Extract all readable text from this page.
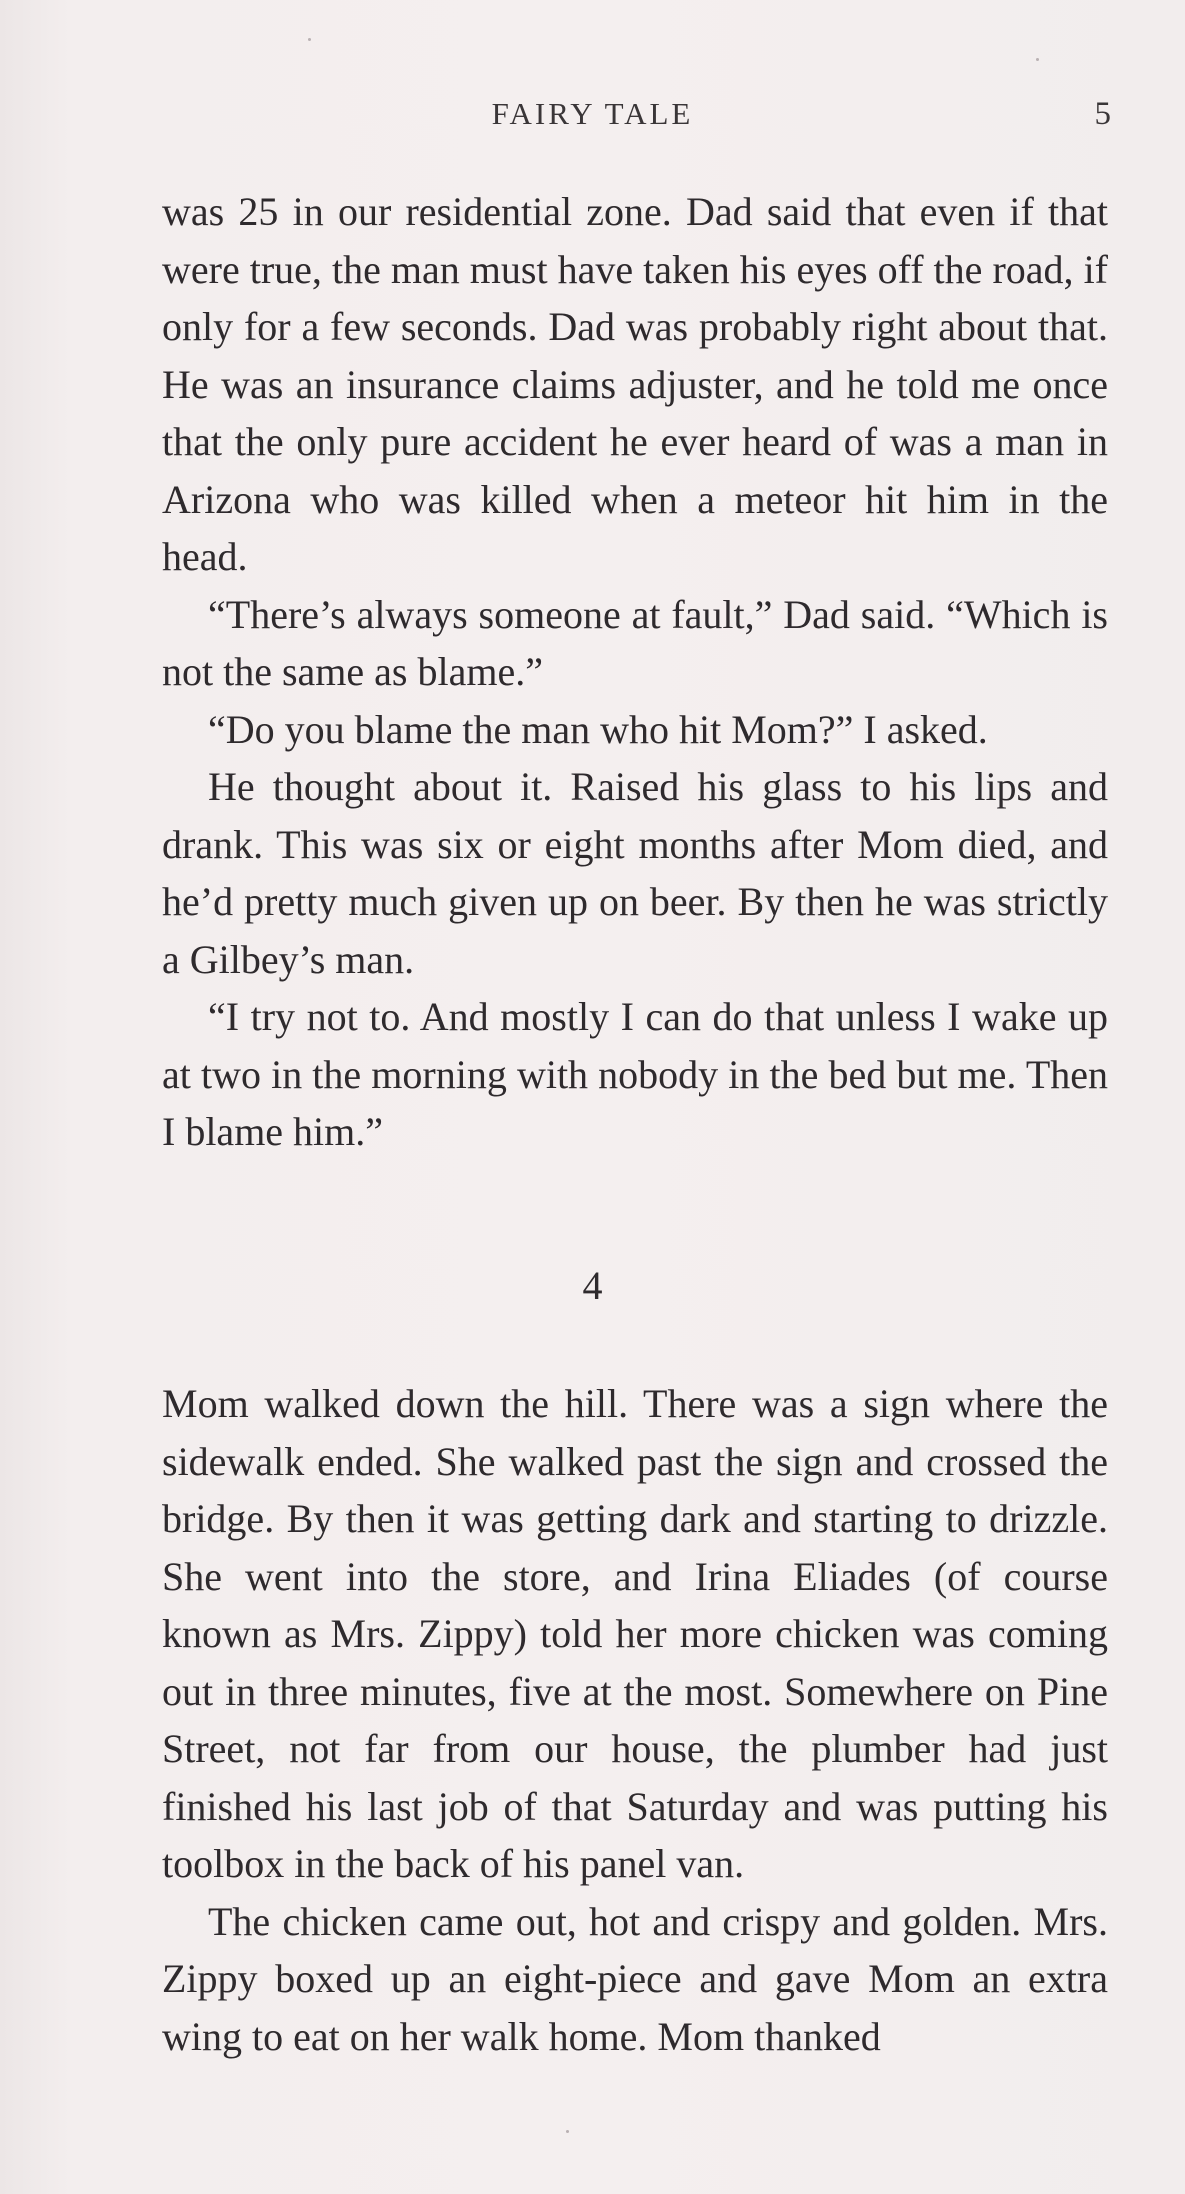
FAIRY TALE	5

was 25 in our residential zone. Dad said that even if that were true, the man must have taken his eyes off the road, if only for a few seconds. Dad was probably right about that. He was an insurance claims adjuster, and he told me once that the only pure accident he ever heard of was a man in Arizona who was killed when a meteor hit him in the head.

“There’s always someone at fault,” Dad said. “Which is not the same as blame.”

“Do you blame the man who hit Mom?” I asked.

He thought about it. Raised his glass to his lips and drank. This was six or eight months after Mom died, and he’d pretty much given up on beer. By then he was strictly a Gilbey’s man.

“I try not to. And mostly I can do that unless I wake up at two in the morning with nobody in the bed but me. Then I blame him.”

4

Mom walked down the hill. There was a sign where the sidewalk ended. She walked past the sign and crossed the bridge. By then it was getting dark and starting to drizzle. She went into the store, and Irina Eliades (of course known as Mrs. Zippy) told her more chicken was coming out in three minutes, five at the most. Somewhere on Pine Street, not far from our house, the plumber had just finished his last job of that Saturday and was putting his toolbox in the back of his panel van.

The chicken came out, hot and crispy and golden. Mrs. Zippy boxed up an eight-piece and gave Mom an extra wing to eat on her walk home. Mom thanked
